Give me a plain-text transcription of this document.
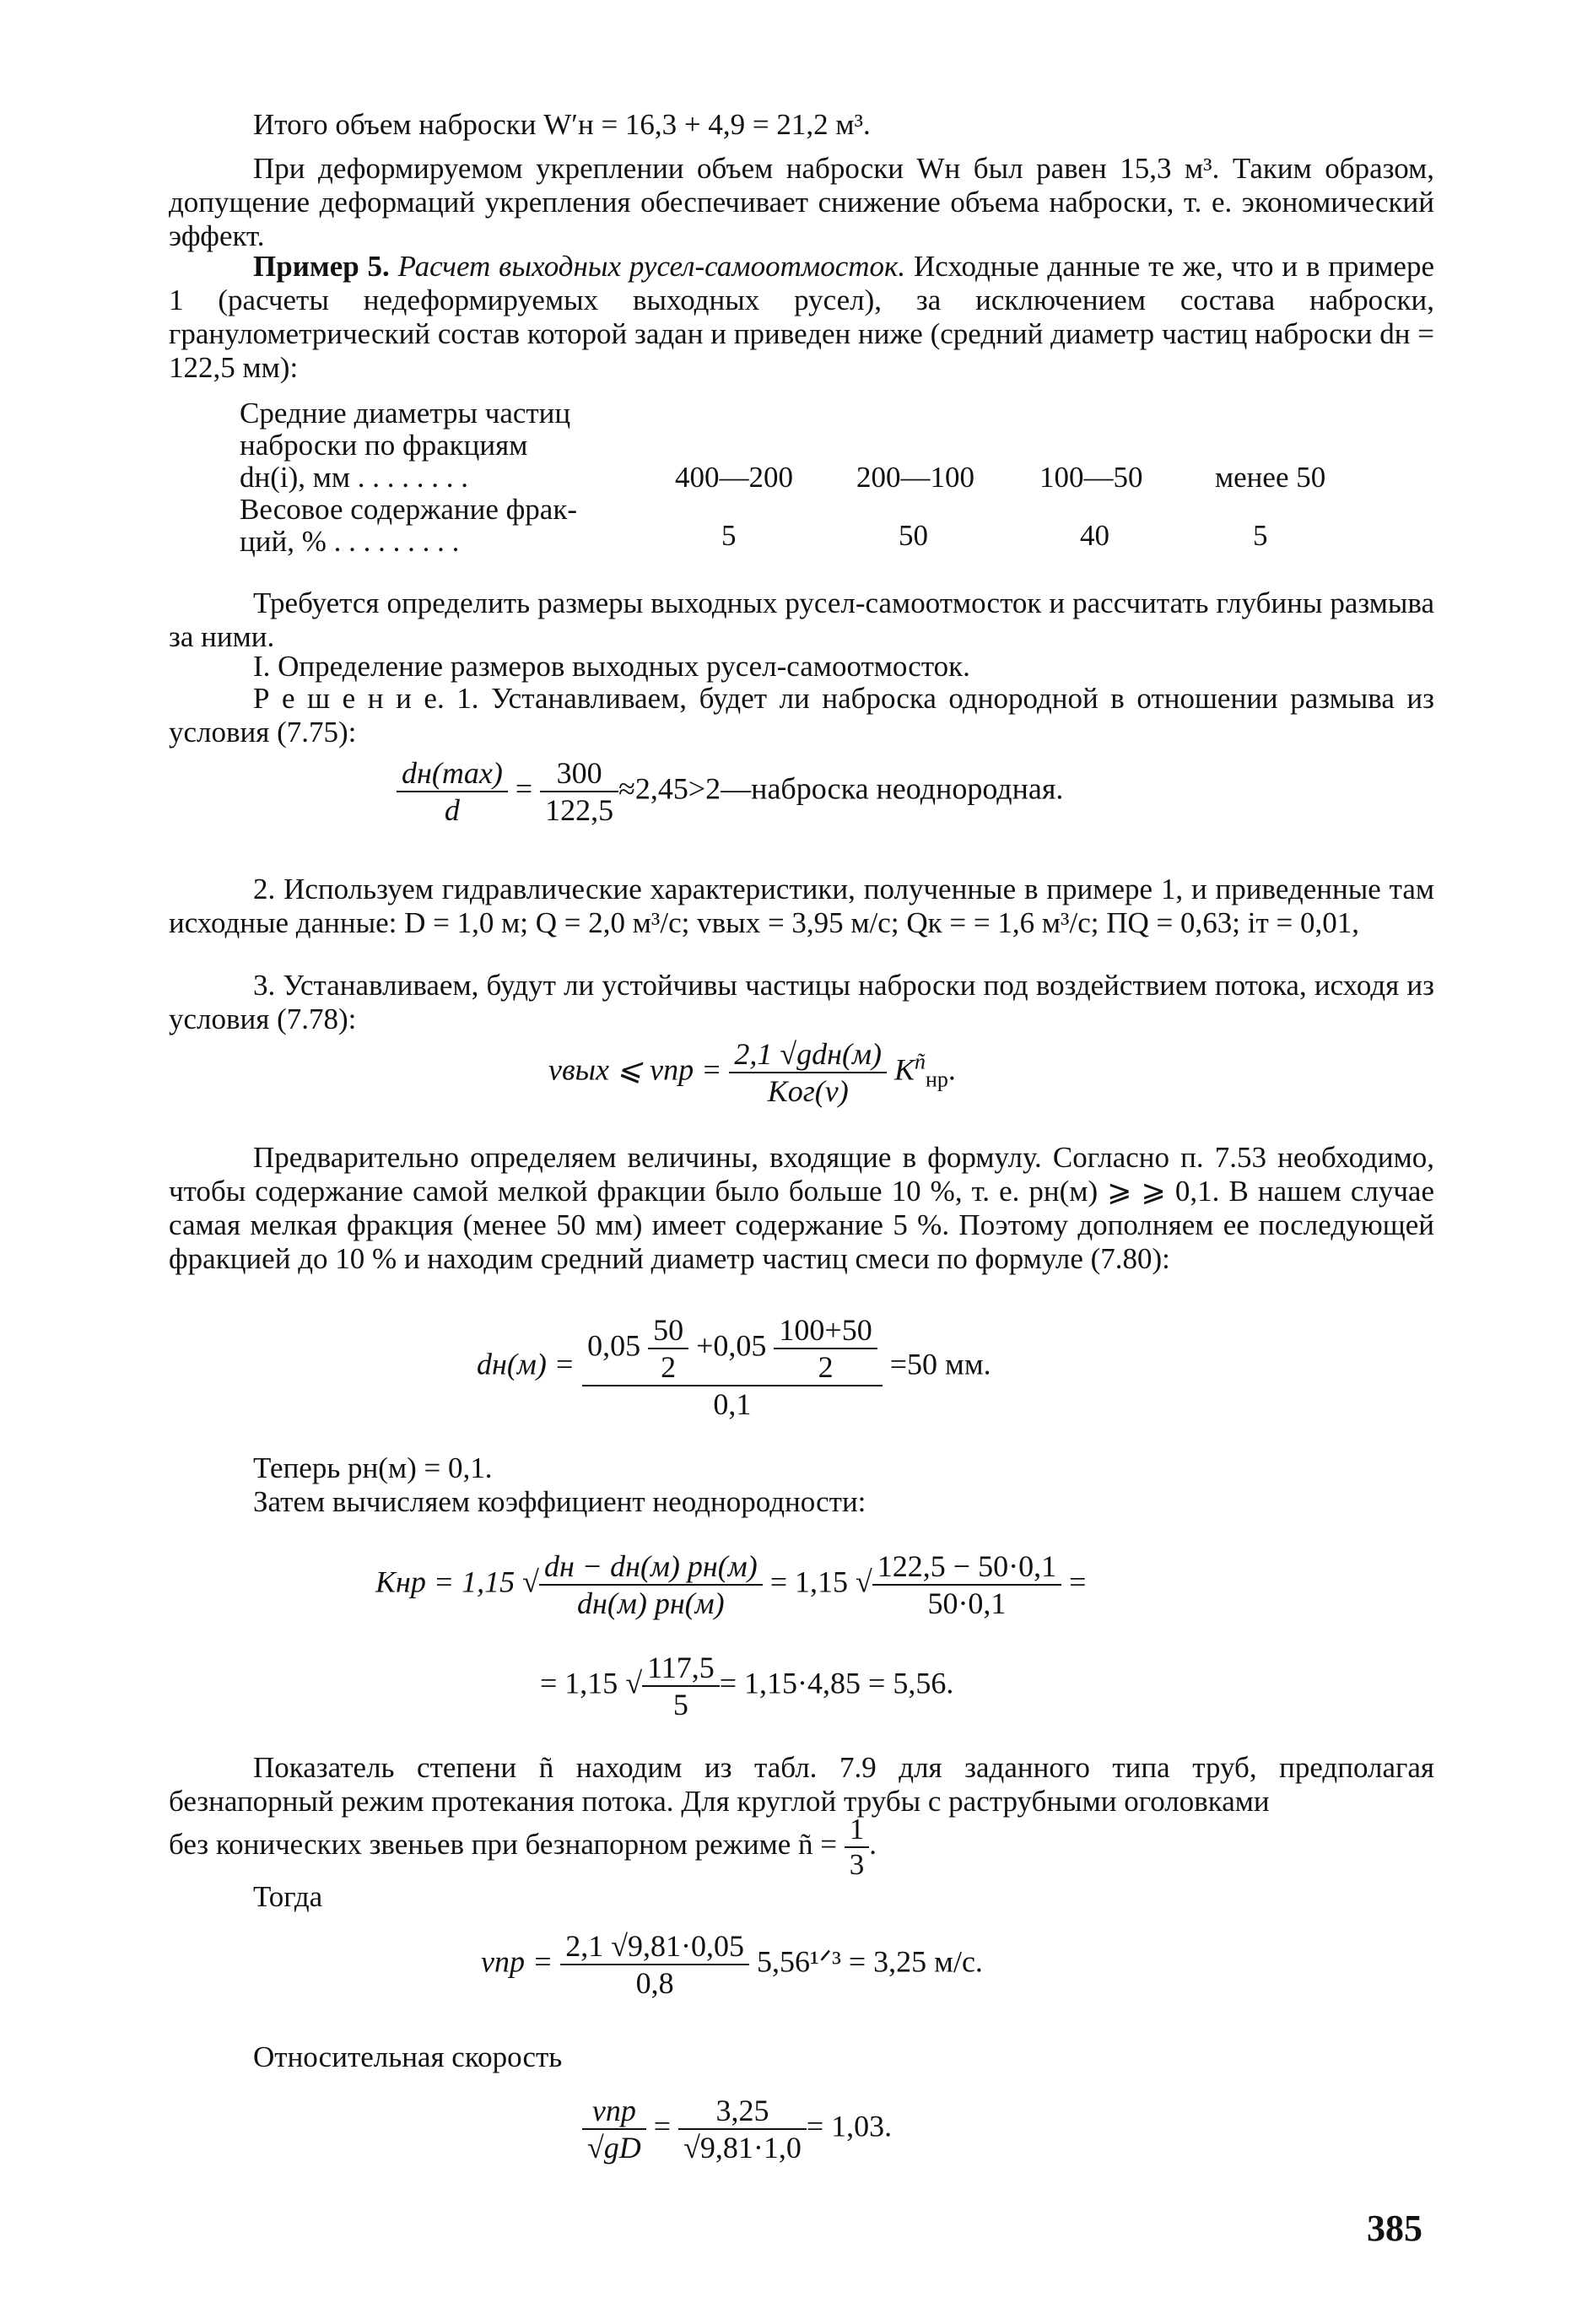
Итого объем наброски W′н = 16,3 + 4,9 = 21,2 м³.
При деформируемом укреплении объем наброски Wн был равен 15,3 м³. Таким образом, допущение деформаций укрепления обеспечивает снижение объема наброски, т. е. экономический эффект.
Пример 5. Расчет выходных русел-самоотмосток. Исходные данные те же, что и в примере 1 (расчеты недеформируемых выходных русел), за исключением состава наброски, гранулометрический состав которой задан и приведен ниже (средний диаметр частиц наброски dн = 122,5 мм):
Средние диаметры частиц
наброски по фракциям
dн(i), мм . . . . . . . .	400—200 200—100 100—50 менее 50
Весовое содержание фрак-
ций, % . . . . . . . . .	5	50	40	5
Требуется определить размеры выходных русел-самоотмосток и рассчитать глубины размыва за ними.
I. Определение размеров выходных русел-самоотмосток.
Р е ш е н и е. 1. Устанавливаем, будет ли наброска однородной в отношении размыва из условия (7.75):
$\frac{dн(\max)}{d} = \frac{300}{122,5}$ ≈2,45>2—наброска неоднородная.
2. Используем гидравлические характеристики, полученные в примере 1, и приведенные там исходные данные: D = 1,0 м; Q = 2,0 м³/с; vвых = 3,95 м/с; Qк = = 1,6 м³/с; ПQ = 0,63; iт = 0,01,
3. Устанавливаем, будут ли устойчивы частицы наброски под воздействием потока, исходя из условия (7.78):
vвых ⩽ vпр = $\frac{\text{2,1 √gdн(м)}}{\text{Kог(v)}} K^ñ_{нр}$.
Предварительно определяем величины, входящие в формулу. Согласно п. 7.53 необходимо, чтобы содержание самой мелкой фракции было больше 10 %, т. е. pн(м) ⩾ ⩾ 0,1. В нашем случае самая мелкая фракция (менее 50 мм) имеет содержание 5 %. Поэтому дополняем ее последующей фракцией до 10 % и находим средний диаметр частиц смеси по формуле (7.80):
$dн(м) = \frac{0,05 \frac{50}{2} +0,05 \frac{100+50}{2}}{0,1} =50$ мм.
Теперь pн(м) = 0,1.
Затем вычисляем коэффициент неоднородности:
Kнр = 1,15 √ $\frac{dн - dн(м) pн(м)}{dн(м) pн(м)} = 1,15$ √ $\frac{122,5 - 50\cdot 0,1}{50\cdot 0,1}$ =
= 1,15 √ $\frac{117,5}{5} = 1,15\cdot 4,85 = 5,56$.
Показатель степени ñ находим из табл. 7.9 для заданного типа труб, предполагая безнапорный режим протекания потока. Для круглой трубы с раструбными оголовками
без конических звеньев при безнапорном режиме ñ = $\frac{1}{3}$ .
Тогда
vпр = $\frac{2,1 √9,81\cdot 0,05}{0,8}$ 5,56¹ᐟ³ = 3,25 м/с.
Относительная скорость
$\frac{\text{vпр}}{√gD} = \frac{3,25}{√9,81\cdot 1,0} = 1,03$.
385
